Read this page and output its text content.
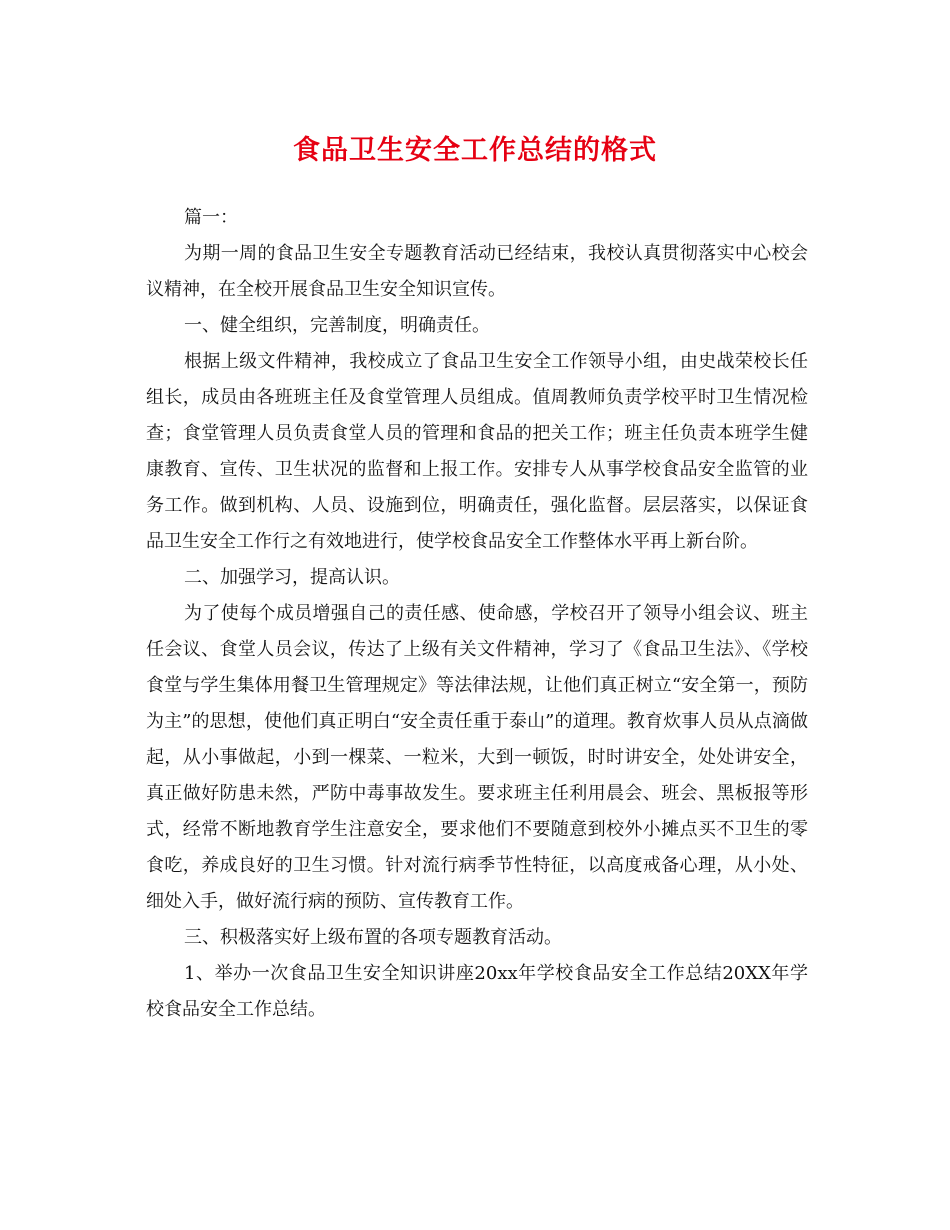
食品卫生安全工作总结的格式

篇一：

为期一周的食品卫生安全专题教育活动已经结束，我校认真贯彻落实中心校会议精神，在全校开展食品卫生安全知识宣传。

一、健全组织，完善制度，明确责任。

根据上级文件精神，我校成立了食品卫生安全工作领导小组，由史战荣校长任组长，成员由各班班主任及食堂管理人员组成。值周教师负责学校平时卫生情况检查；食堂管理人员负责食堂人员的管理和食品的把关工作；班主任负责本班学生健康教育、宣传、卫生状况的监督和上报工作。安排专人从事学校食品安全监管的业务工作。做到机构、人员、设施到位，明确责任，强化监督。层层落实，以保证食品卫生安全工作行之有效地进行，使学校食品安全工作整体水平再上新台阶。

二、加强学习，提高认识。

为了使每个成员增强自己的责任感、使命感，学校召开了领导小组会议、班主任会议、食堂人员会议，传达了上级有关文件精神，学习了《食品卫生法》、《学校食堂与学生集体用餐卫生管理规定》等法律法规，让他们真正树立“安全第一，预防为主”的思想，使他们真正明白“安全责任重于泰山”的道理。教育炊事人员从点滴做起，从小事做起，小到一棵菜、一粒米，大到一顿饭，时时讲安全，处处讲安全，真正做好防患未然，严防中毒事故发生。要求班主任利用晨会、班会、黑板报等形式，经常不断地教育学生注意安全，要求他们不要随意到校外小摊点买不卫生的零食吃，养成良好的卫生习惯。针对流行病季节性特征，以高度戒备心理，从小处、细处入手，做好流行病的预防、宣传教育工作。

三、积极落实好上级布置的各项专题教育活动。

1、举办一次食品卫生安全知识讲座20xx年学校食品安全工作总结20XX年学校食品安全工作总结。
